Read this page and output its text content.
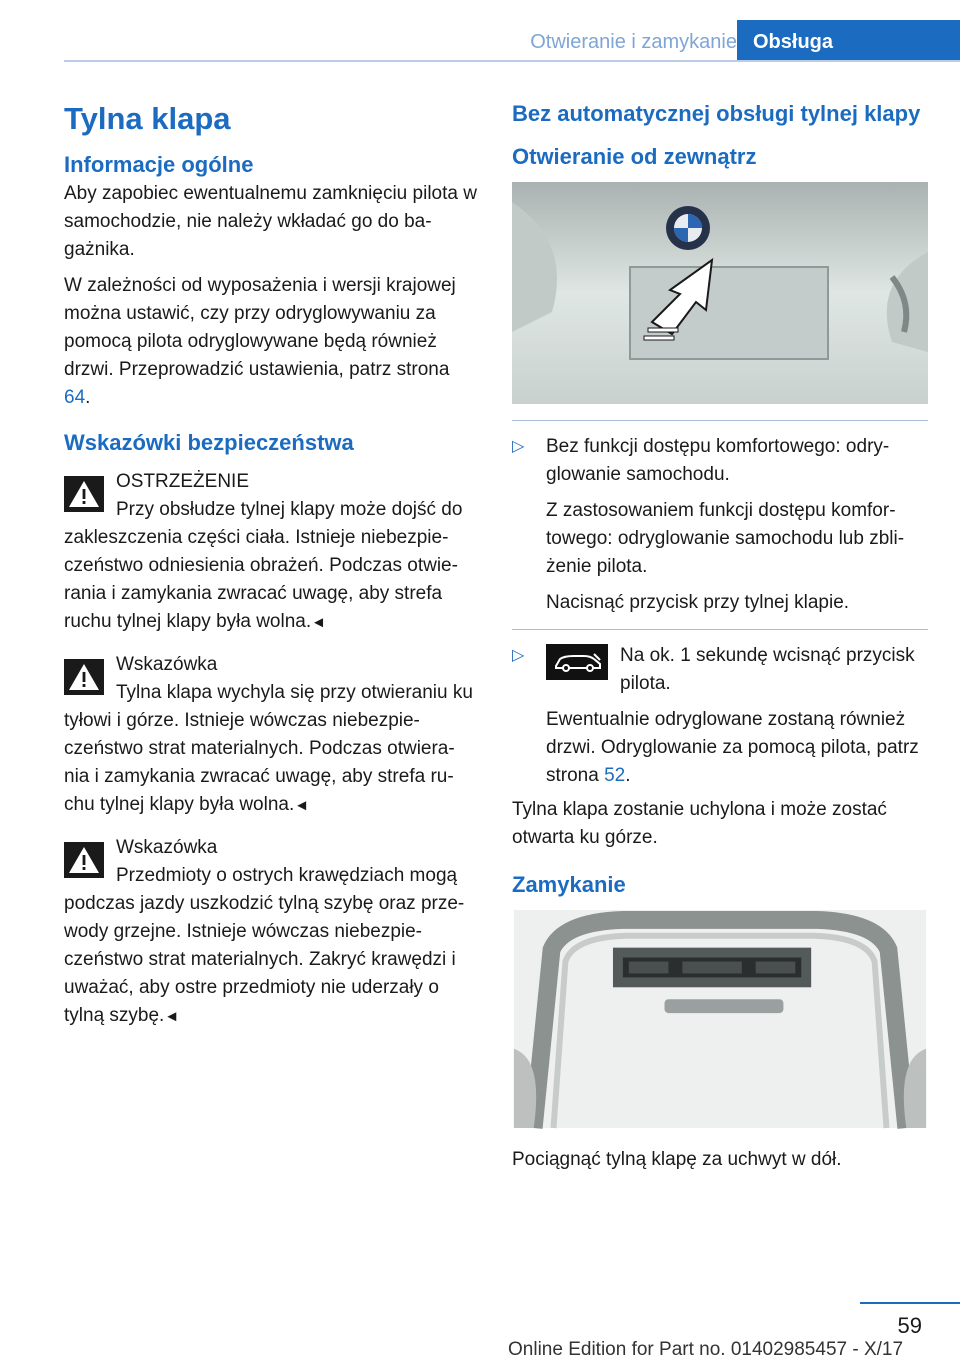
Otwieranie i zamykanie Obsługa
Tylna klapa
Informacje ogólne

Aby zapobiec ewentualnemu zamknięciu pilota w samochodzie, nie należy wkładać go do ba-gażnika.

W zależności od wyposażenia i wersji krajowej można ustawić, czy przy odryglowywaniu za pomocą pilota odryglowywane będą również drzwi. Przeprowadzić ustawienia, patrz strona 64.

Wskazówki bezpieczeństwa
OSTRZEŻENIE
Przy obsłudze tylnej klapy może dojść do zakleszczenia części ciała. Istnieje niebezpie-czeństwo odniesienia obrażeń. Podczas otwie-rania i zamykania zwracać uwagę, aby strefa ruchu tylnej klapy była wolna.◄
Wskazówka
Tylna klapa wychyla się przy otwieraniu ku tyłowi i górze. Istnieje wówczas niebezpie-czeństwo strat materialnych. Podczas otwiera-nia i zamykania zwracać uwagę, aby strefa ru-chu tylnej klapy była wolna.◄
Wskazówka
Przedmioty o ostrych krawędziach mogą podczas jazdy uszkodzić tylną szybę oraz prze-wody grzejne. Istnieje wówczas niebezpie-czeństwo strat materialnych. Zakryć krawędzi i uważać, aby ostre przedmioty nie uderzały o tylną szybę.◄
Bez automatycznej obsługi tylnej klapy
Otwieranie od zewnątrz
▷ Bez funkcji dostępu komfortowego: odry-glowanie samochodu.

Z zastosowaniem funkcji dostępu komfor-towego: odryglowanie samochodu lub zbli-żenie pilota.

Nacisnąć przycisk przy tylnej klapie.

▷	Na ok. 1 sekundę wcisnąć przycisk pilota.

Ewentualnie odryglowane zostaną również drzwi. Odryglowanie za pomocą pilota, patrz strona 52.

Tylna klapa zostanie uchylona i może zostać otwarta ku górze.

Zamykanie

Pociągnąć tylną klapę za uchwyt w dół.

59
Online Edition for Part no. 01402985457 - X/17
